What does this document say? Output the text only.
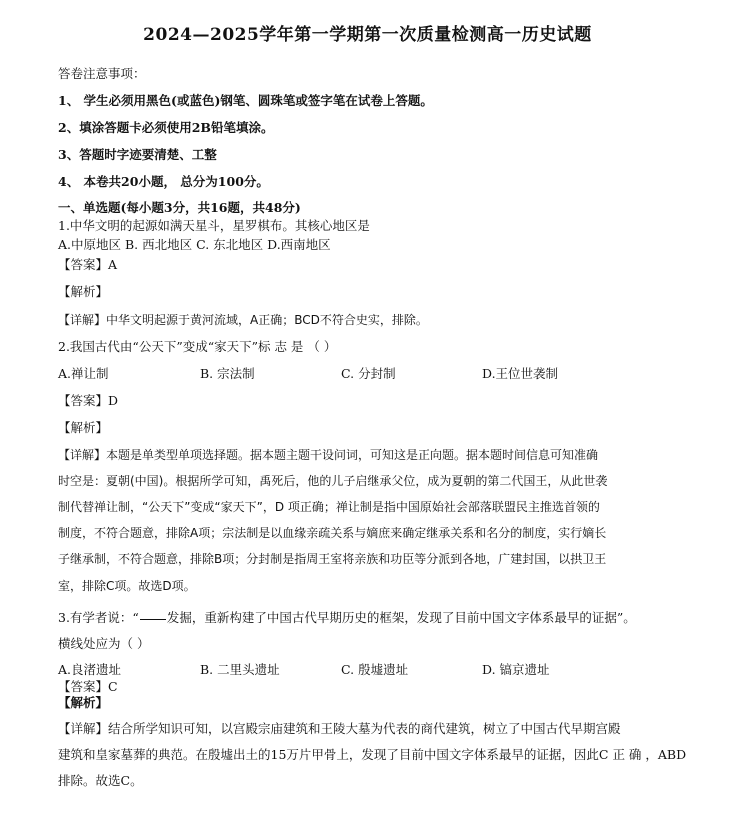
2024—2025学年第一学期第一次质量检测高一历史试题
答卷注意事项：
1、 学生必须用黑色(或蓝色)钢笔、圆珠笔或签字笔在试卷上答题。
2、填涂答题卡必须使用2B铅笔填涂。
3、答题时字迹要清楚、工整
4、 本卷共20小题， 总分为100分。
一、单选题(每小题3分，共16题，共48分)
1.中华文明的起源如满天星斗，星罗棋布。其核心地区是
A.中原地区 B. 西北地区 C. 东北地区 D.西南地区
【答案】A
【解析】
【详解】中华文明起源于黄河流域，A正确；BCD不符合史实，排除。
2.我国古代由“公天下”变成“家天下”标 志 是 （ ）
A.禅让制	B. 宗法制	C. 分封制	D.王位世袭制
【答案】D
【解析】
【详解】本题是单类型单项选择题。据本题主题干设问词，可知这是正向题。据本题时间信息可知准确
时空是：夏朝(中国)。根据所学可知，禹死后，他的儿子启继承父位，成为夏朝的第二代国王，从此世袭
制代替禅让制，“公天下”变成“家天下”，D 项正确；禅让制是指中国原始社会部落联盟民主推选首领的
制度，不符合题意，排除A项；宗法制是以血缘亲疏关系与嫡庶来确定继承关系和名分的制度，实行嫡长
子继承制，不符合题意，排除B项；分封制是指周王室将亲族和功臣等分派到各地，广建封国，以拱卫王
室，排除C项。故选D项。
3.有学者说：“ 发掘，重新构建了中国古代早期历史的框架，发现了目前中国文字体系最早的证据”。
横线处应为（ ）
A.良渚遗址	B. 二里头遗址	C. 殷墟遗址	D. 镐京遗址
【答案】C
【解析】
【详解】结合所学知识可知，以宫殿宗庙建筑和王陵大墓为代表的商代建筑，树立了中国古代早期宫殿
建筑和皇家墓葬的典范。在殷墟出土的15万片甲骨上，发现了目前中国文字体系最早的证据，因此C 正 确 ，ABD
排除。故选C。
